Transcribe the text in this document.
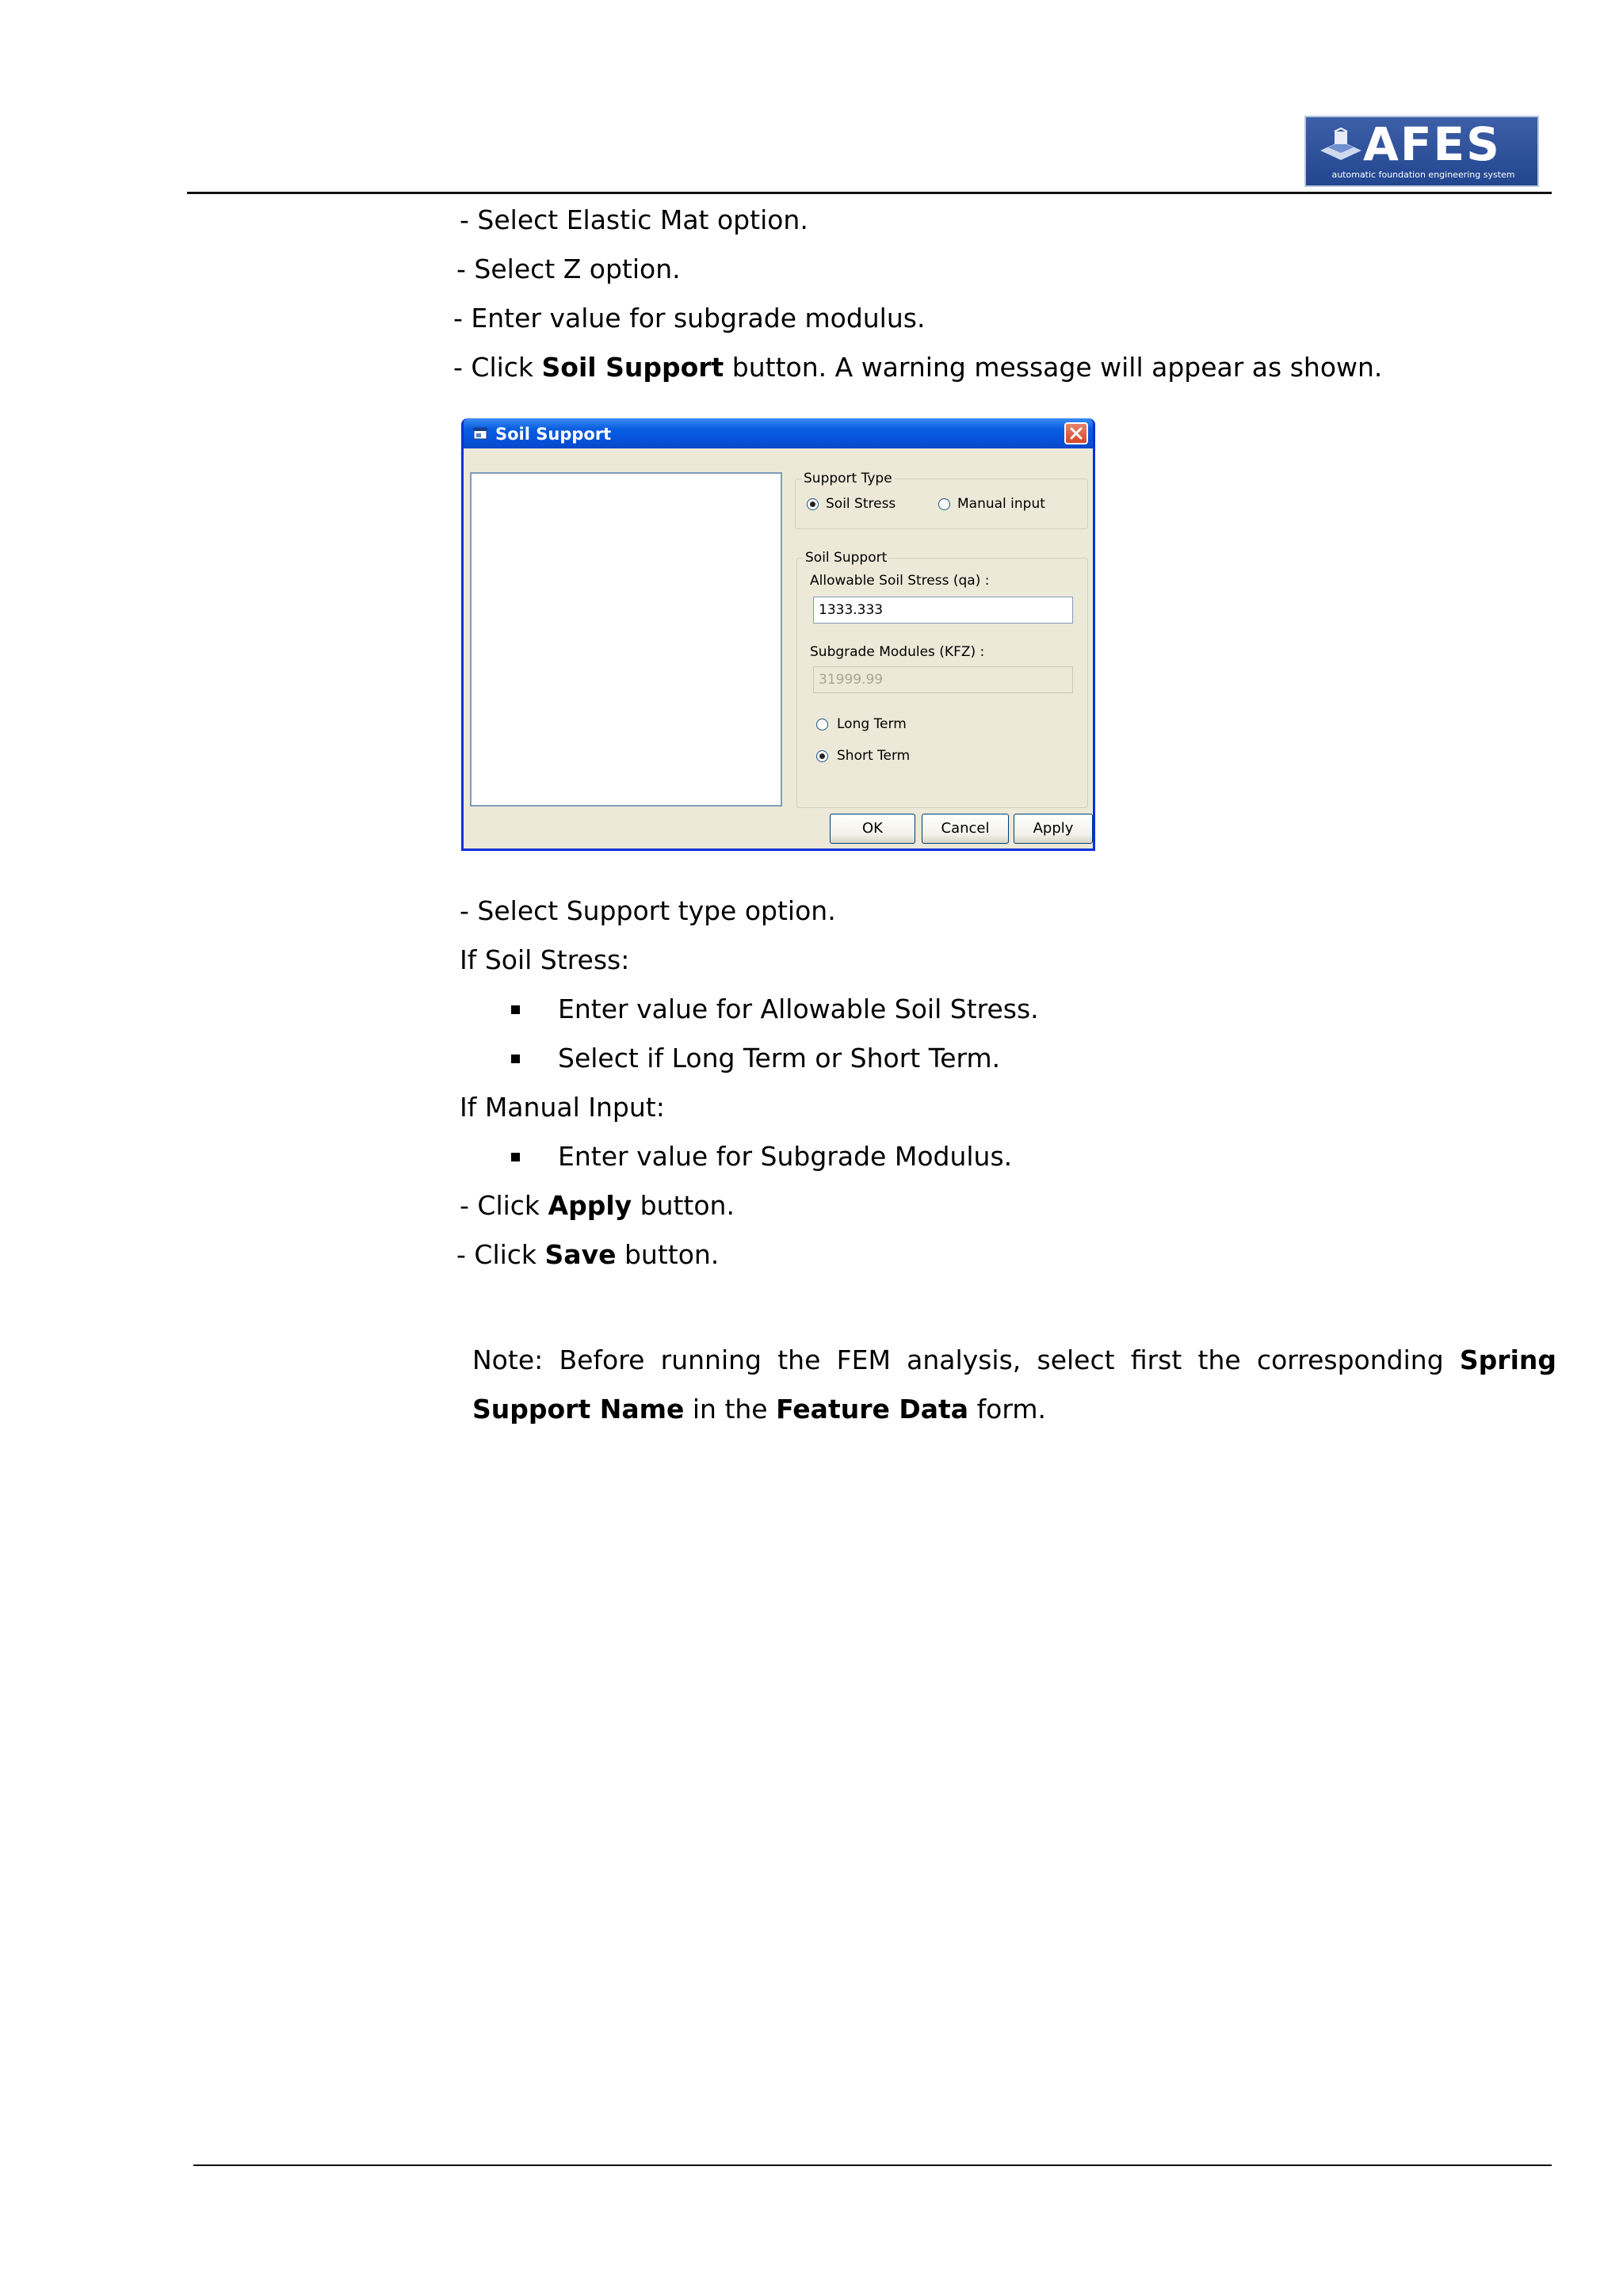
AFES
automatic foundation engineering system
- Select Elastic Mat option.
- Select Z option.
- Enter value for subgrade modulus.
- Click Soil Support button. A warning message will appear as shown.
Soil Support
Support Type
Soil Stress	Manual input
Soil Support
Allowable Soil Stress (qa) :
1333.333
Subgrade Modules (KFZ) :
31999.99
Long Term
Short Term
OK	Cancel	Apply
- Select Support type option.
If Soil Stress:
Enter value for Allowable Soil Stress.
Select if Long Term or Short Term.
If Manual Input:
Enter value for Subgrade Modulus.
- Click Apply button.
- Click Save button.
Note: Before running the FEM analysis, select first the corresponding Spring Support Name in the Feature Data form.
